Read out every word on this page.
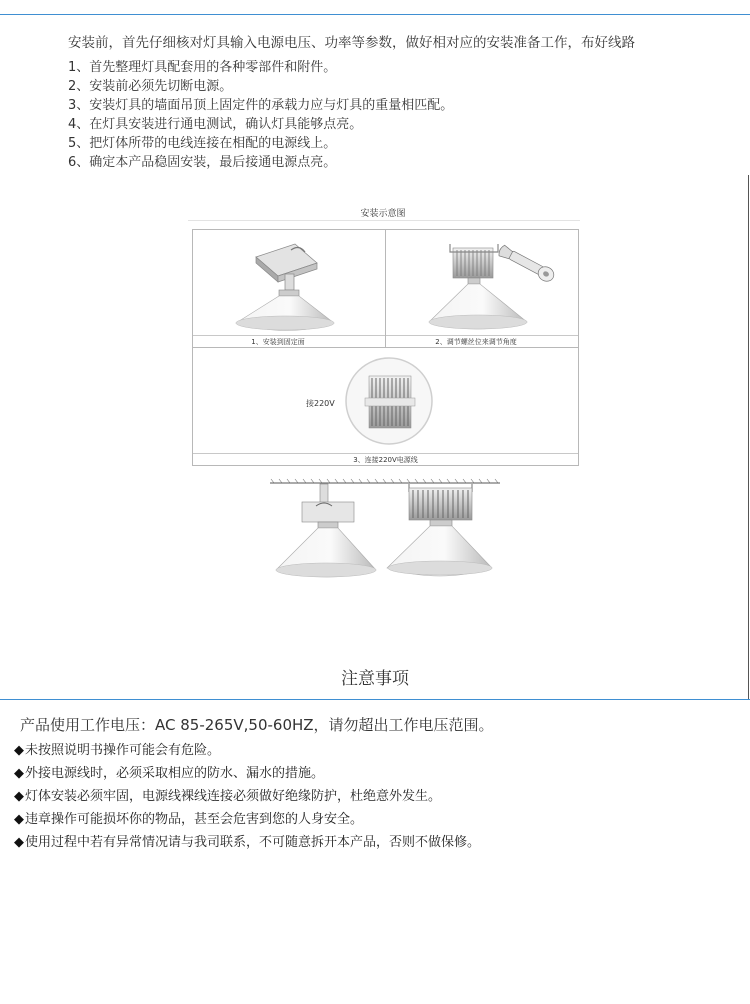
安装前，首先仔细核对灯具输入电源电压、功率等参数，做好相对应的安装准备工作，布好线路
1、首先整理灯具配套用的各种零部件和附件。
2、安装前必须先切断电源。
3、安装灯具的墙面吊顶上固定件的承载力应与灯具的重量相匹配。
4、在灯具安装进行通电测试，确认灯具能够点亮。
5、把灯体所带的电线连接在相配的电源线上。
6、确定本产品稳固安装，最后接通电源点亮。
安装示意图
1、安装到固定面	2、调节螺丝位来调节角度
3、连接220V电源线
接220V
注意事项
产品使用工作电压：AC 85-265V,50-60HZ，请勿超出工作电压范围。
◆未按照说明书操作可能会有危险。
◆外接电源线时，必须采取相应的防水、漏水的措施。
◆灯体安装必须牢固，电源线裸线连接必须做好绝缘防护，杜绝意外发生。
◆违章操作可能损坏你的物品，甚至会危害到您的人身安全。
◆使用过程中若有异常情况请与我司联系，不可随意拆开本产品，否则不做保修。
